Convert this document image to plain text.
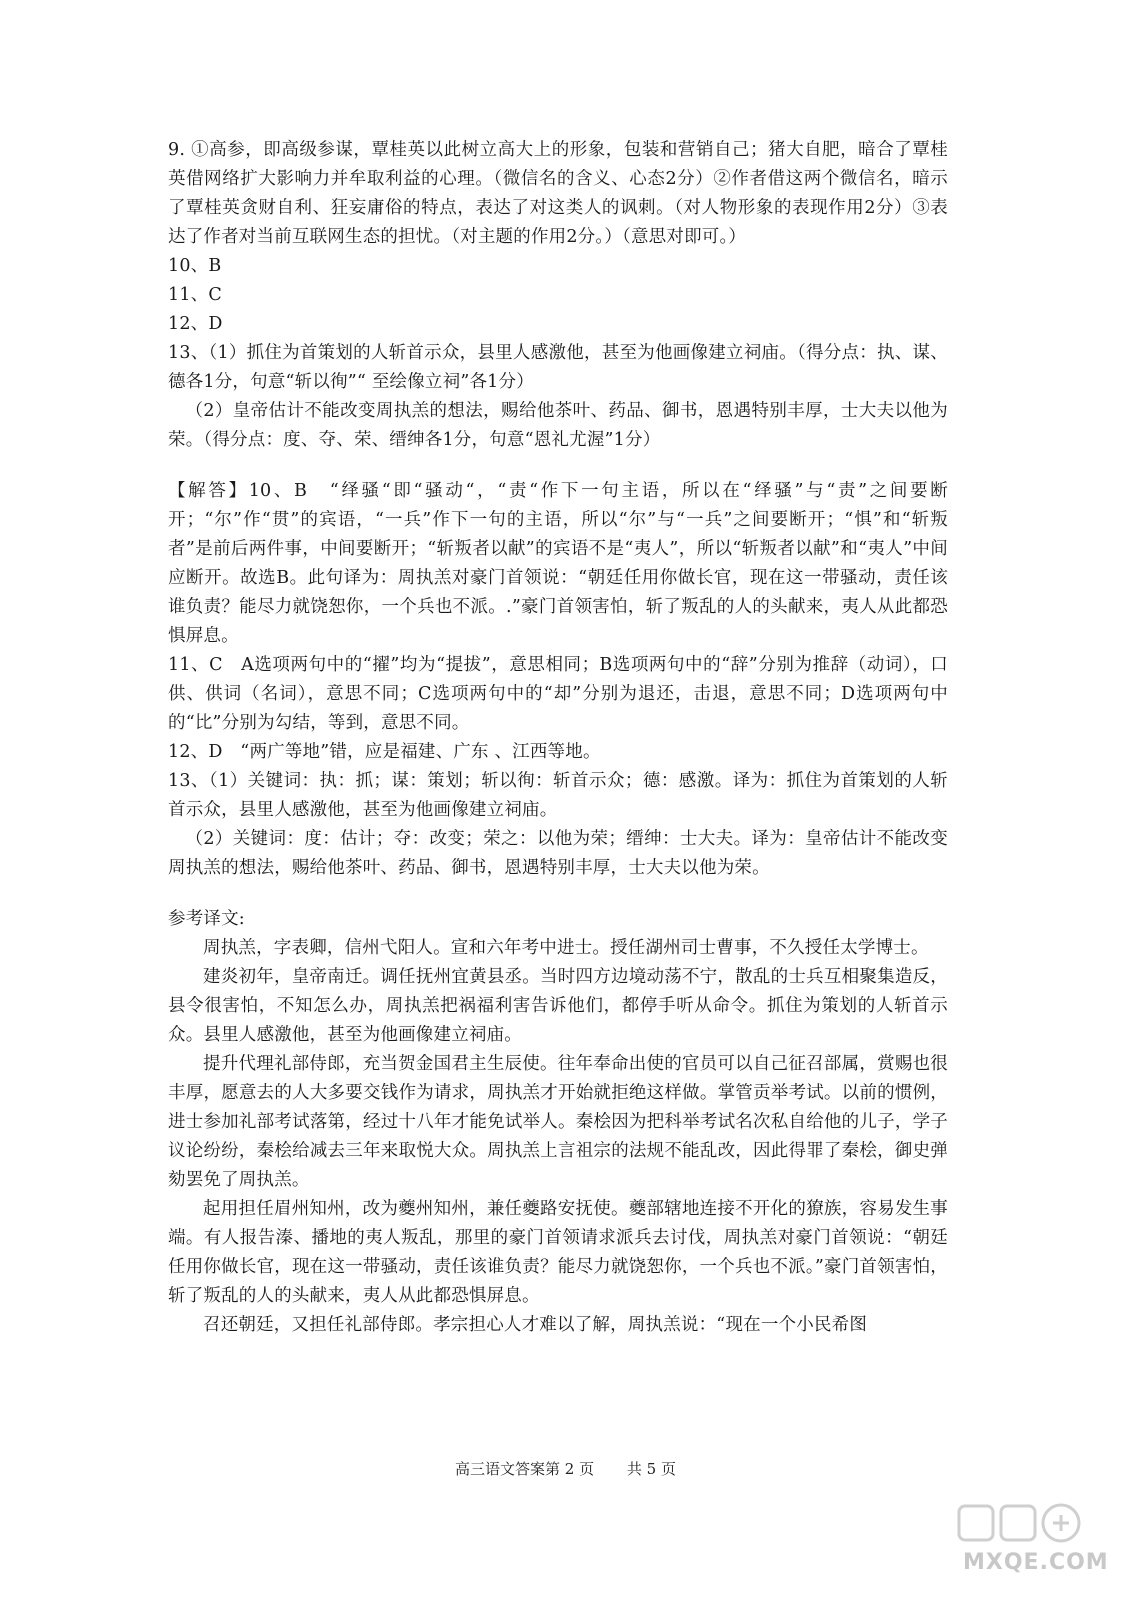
9. ①高参，即高级参谋，覃桂英以此树立高大上的形象，包装和营销自己；猪大自肥，暗合了覃桂英借网络扩大影响力并牟取利益的心理。（微信名的含义、心态2分）②作者借这两个微信名，暗示了覃桂英贪财自利、狂妄庸俗的特点，表达了对这类人的讽刺。（对人物形象的表现作用2分）③表达了作者对当前互联网生态的担忧。（对主题的作用2分。）（意思对即可。）

10、B

11、C

12、D

13、（1）抓住为首策划的人斩首示众，县里人感激他，甚至为他画像建立祠庙。（得分点：执、谋、德各1分，句意“斩以徇”“ 至绘像立祠”各1分）

（2）皇帝估计不能改变周执羔的想法，赐给他茶叶、药品、御书，恩遇特别丰厚，士大夫以他为荣。（得分点：度、夺、荣、缙绅各1分，句意“恩礼尤渥”1分）

【解答】10、B　“绎骚“即“骚动“，“责“作下一句主语，所以在“绎骚”与“责”之间要断开；“尔”作“贯”的宾语，“一兵”作下一句的主语，所以“尔”与“一兵”之间要断开；“惧”和“斩叛者”是前后两件事，中间要断开；“斩叛者以献”的宾语不是“夷人”，所以“斩叛者以献”和“夷人”中间应断开。故选B。此句译为：周执羔对豪门首领说：“朝廷任用你做长官，现在这一带骚动，责任该谁负责？能尽力就饶恕你，一个兵也不派。.”豪门首领害怕，斩了叛乱的人的头献来，夷人从此都恐惧屏息。

11、C　A选项两句中的“擢”均为“提拔”，意思相同；B选项两句中的“辞”分别为推辞（动词），口供、供词（名词），意思不同；C选项两句中的“却”分别为退还，击退，意思不同；D选项两句中的“比”分别为勾结，等到，意思不同。

12、D　“两广等地”错，应是福建、广东 、江西等地。

13、（1）关键词：执：抓；谋：策划；斩以徇：斩首示众；德：感激。译为：抓住为首策划的人斩首示众，县里人感激他，甚至为他画像建立祠庙。

（2）关键词：度：估计；夺：改变；荣之：以他为荣；缙绅：士大夫。译为：皇帝估计不能改变周执羔的想法，赐给他茶叶、药品、御书，恩遇特别丰厚，士大夫以他为荣。

参考译文:

周执羔，字表卿，信州弋阳人。宣和六年考中进士。授任湖州司士曹事，不久授任太学博士。

建炎初年，皇帝南迁。调任抚州宜黄县丞。当时四方边境动荡不宁，散乱的士兵互相聚集造反，县令很害怕，不知怎么办，周执羔把祸福利害告诉他们，都停手听从命令。抓住为策划的人斩首示众。县里人感激他，甚至为他画像建立祠庙。

提升代理礼部侍郎，充当贺金国君主生辰使。往年奉命出使的官员可以自己征召部属，赏赐也很丰厚，愿意去的人大多要交钱作为请求，周执羔才开始就拒绝这样做。掌管贡举考试。以前的惯例，进士参加礼部考试落第，经过十八年才能免试举人。秦桧因为把科举考试名次私自给他的儿子，学子议论纷纷，秦桧给减去三年来取悦大众。周执羔上言祖宗的法规不能乱改，因此得罪了秦桧，御史弹劾罢免了周执羔。

起用担任眉州知州，改为夔州知州，兼任夔路安抚使。夔部辖地连接不开化的獠族，容易发生事端。有人报告溱、播地的夷人叛乱，那里的豪门首领请求派兵去讨伐，周执羔对豪门首领说：“朝廷任用你做长官，现在这一带骚动，责任该谁负责？能尽力就饶恕你，一个兵也不派。”豪门首领害怕，斩了叛乱的人的头献来，夷人从此都恐惧屏息。

召还朝廷，又担任礼部侍郎。孝宗担心人才难以了解，周执羔说：“现在一个小民希图

高三语文答案第 2 页 共 5 页
MXQE.COM
